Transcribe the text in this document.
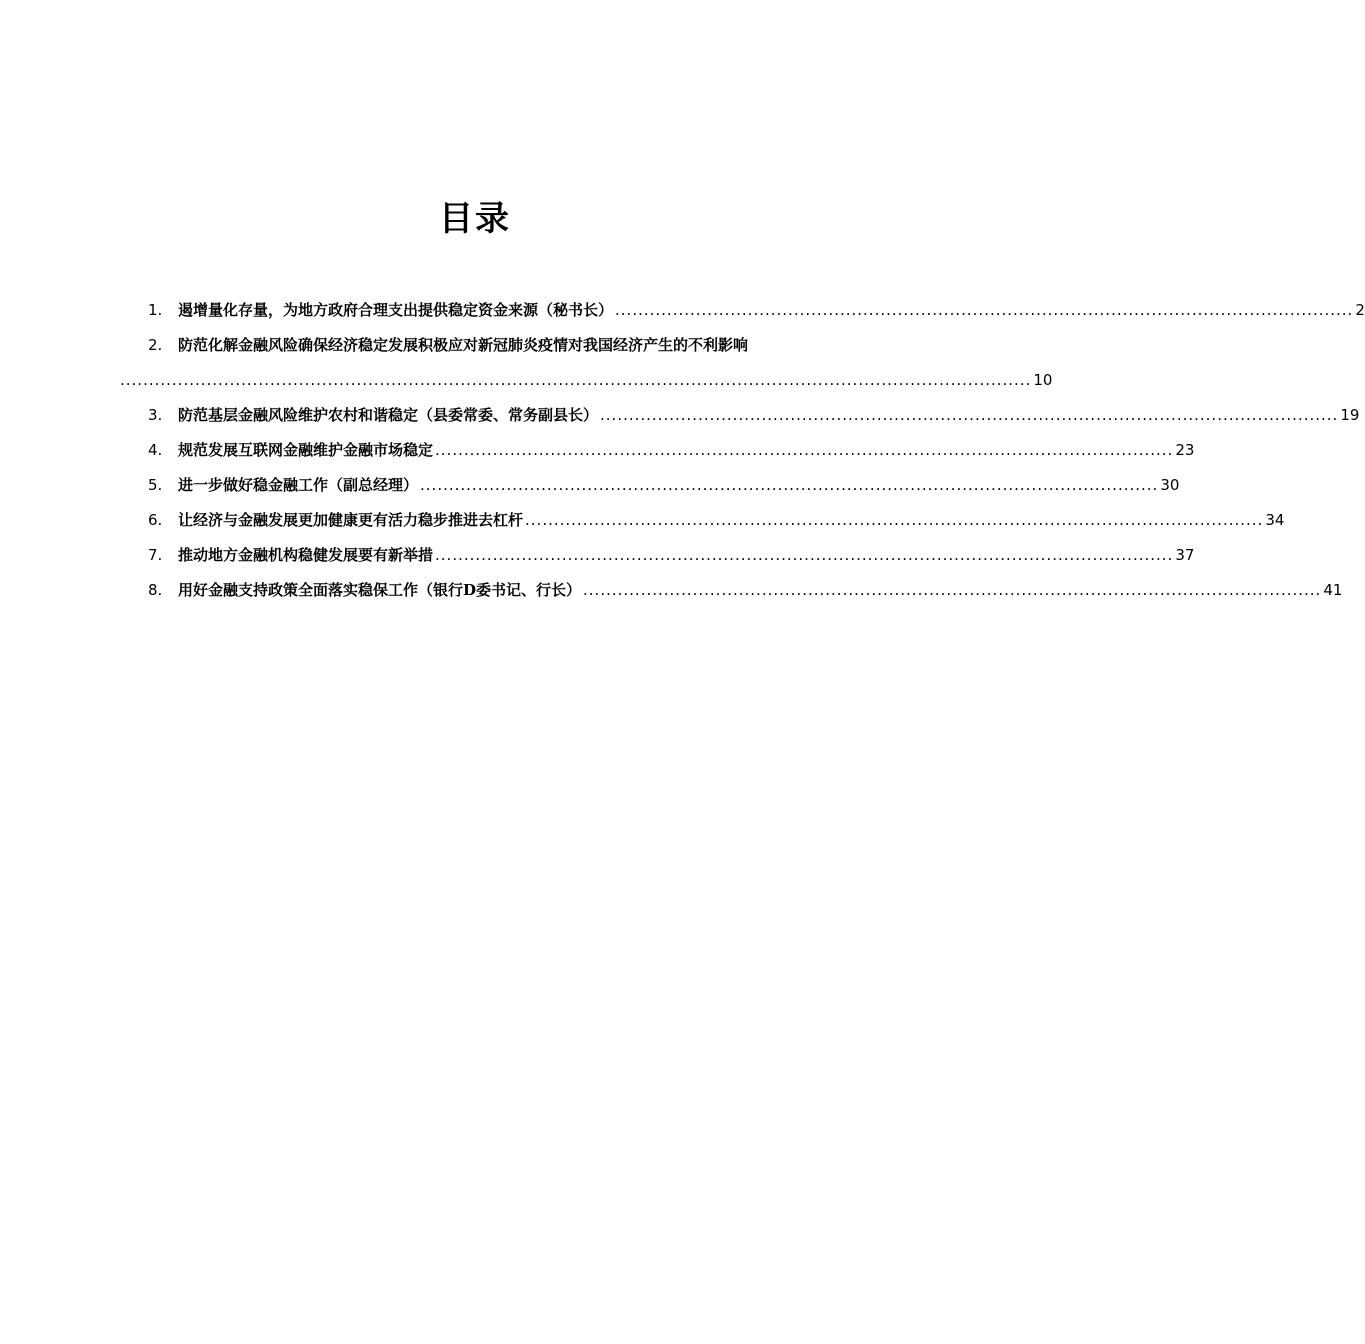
目录
1.	遏增量化存量，为地方政府合理支出提供稳定资金来源（秘书长） ................................................................................................................................ 2
2.	防范化解金融风险确保经济稳定发展积极应对新冠肺炎疫情对我国经济产生的不利影响
.............................................................................................................................................................. 10
3.	防范基层金融风险维护农村和谐稳定（县委常委、常务副县长） ................................................................................................................................ 19
4.	规范发展互联网金融维护金融市场稳定 ................................................................................................................................ 23
5.	进一步做好稳金融工作（副总经理） ................................................................................................................................ 30
6.	让经济与金融发展更加健康更有活力稳步推进去杠杆 ................................................................................................................................ 34
7.	推动地方金融机构稳健发展要有新举措 ................................................................................................................................ 37
8.	用好金融支持政策全面落实稳保工作（银行D委书记、行长） ................................................................................................................................ 41
